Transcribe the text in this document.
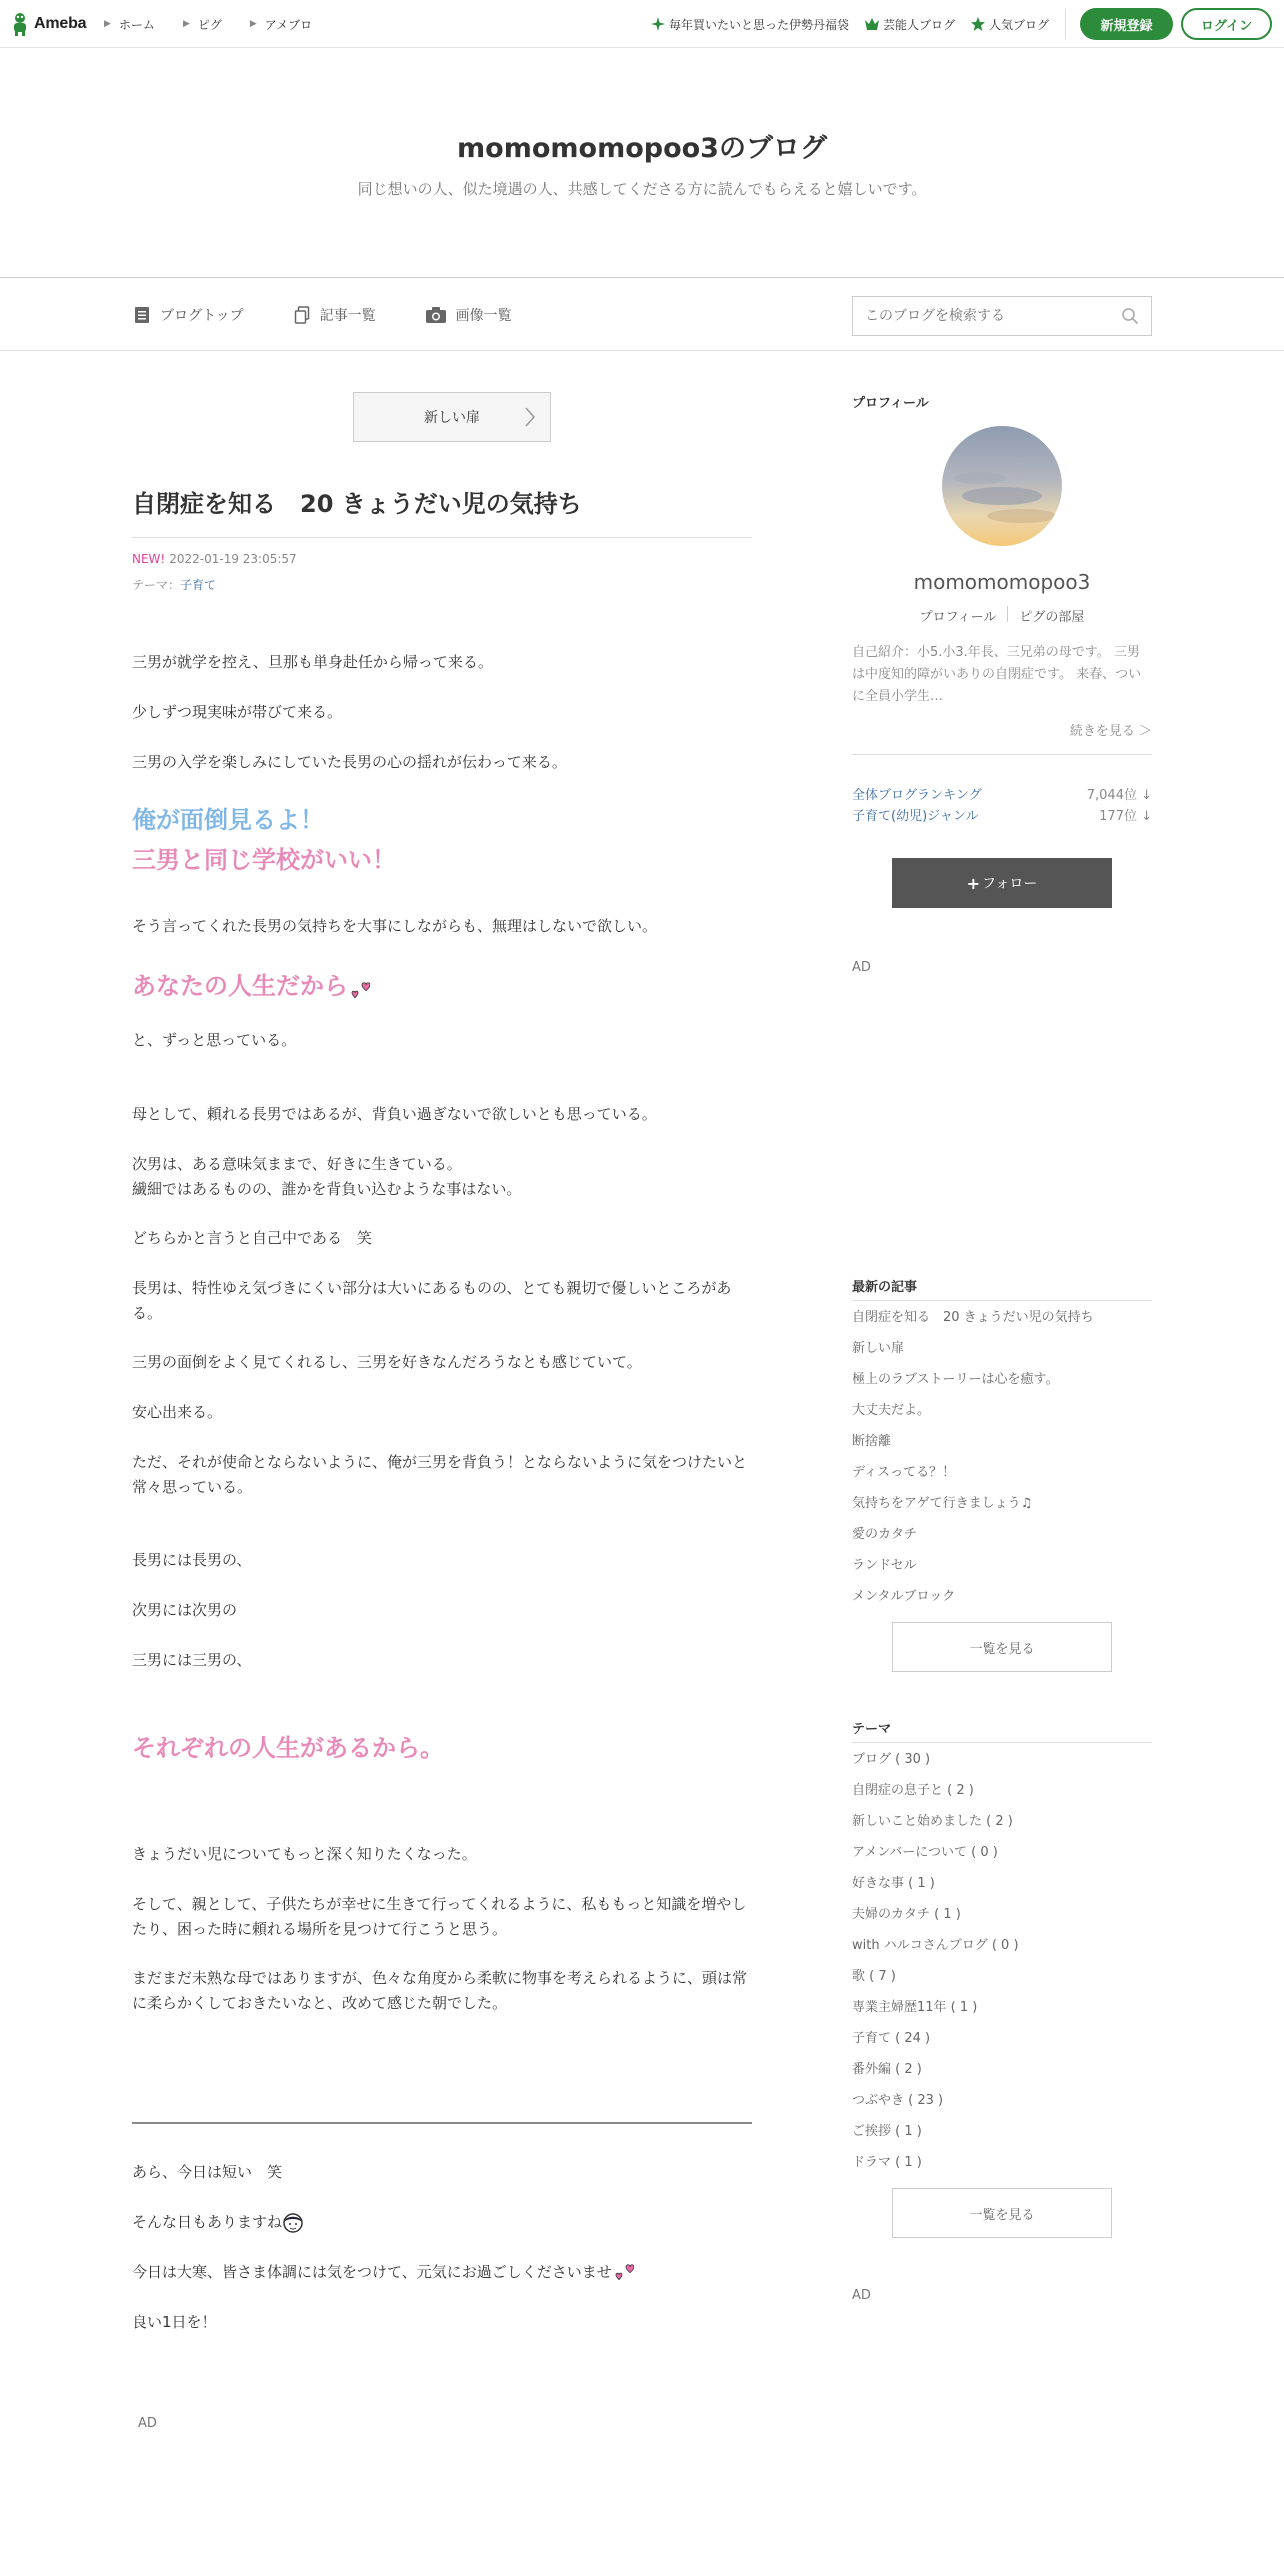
Ameba ▶ ホーム	▶ ピグ	▶ アメブロ	毎年買いたいと思った伊勢丹福袋	芸能人ブログ	人気ブログ	新規登録	ログイン
momomomopoo3のブログ
同じ想いの人、似た境遇の人、共感してくださる方に読んでもらえると嬉しいです。
ブログトップ	記事一覧	画像一覧
このブログを検索する
新しい扉
自閉症を知る　20 きょうだい児の気持ち
NEW! 2022-01-19 23:05:57
テーマ：子育て
三男が就学を控え、旦那も単身赴任から帰って来る。
少しずつ現実味が帯びて来る。
三男の入学を楽しみにしていた長男の心の揺れが伝わって来る。
俺が面倒見るよ！
三男と同じ学校がいい！
そう言ってくれた長男の気持ちを大事にしながらも、無理はしないで欲しい。
あなたの人生だから
と、ずっと思っている。
母として、頼れる長男ではあるが、背負い過ぎないで欲しいとも思っている。
次男は、ある意味気ままで、好きに生きている。
繊細ではあるものの、誰かを背負い込むような事はない。
どちらかと言うと自己中である　笑
長男は、特性ゆえ気づきにくい部分は大いにあるものの、とても親切で優しいところがある。
三男の面倒をよく見てくれるし、三男を好きなんだろうなとも感じていて。
安心出来る。
ただ、それが使命とならないように、俺が三男を背負う！とならないように気をつけたいと常々思っている。
長男には長男の、
次男には次男の
三男には三男の、
それぞれの人生があるから。
きょうだい児についてもっと深く知りたくなった。
そして、親として、子供たちが幸せに生きて行ってくれるように、私ももっと知識を増やしたり、困った時に頼れる場所を見つけて行こうと思う。
まだまだ未熟な母ではありますが、色々な角度から柔軟に物事を考えられるように、頭は常に柔らかくしておきたいなと、改めて感じた朝でした。
あら、今日は短い　笑
そんな日もありますね
今日は大寒、皆さま体調には気をつけて、元気にお過ごしくださいませ
良い1日を！
AD
プロフィール
momomomopoo3
プロフィール ピグの部屋
自己紹介：小5.小3.年長、三兄弟の母です。 三男は中度知的障がいありの自閉症です。 来春、ついに全員小学生…
続きを見る ＞
全体ブログランキング	7,044位 ↓
子育て(幼児)ジャンル	177位 ↓
+ フォロー
AD
最新の記事
自閉症を知る　20 きょうだい児の気持ち
新しい扉
極上のラブストーリーは心を癒す。
大丈夫だよ。
断捨離
ディスってる？！
気持ちをアゲて行きましょう♫
愛のカタチ
ランドセル
メンタルブロック
一覧を見る
テーマ
ブログ ( 30 )
自閉症の息子と ( 2 )
新しいこと始めました ( 2 )
アメンバーについて ( 0 )
好きな事 ( 1 )
夫婦のカタチ ( 1 )
with ハルコさんブログ ( 0 )
歌 ( 7 )
専業主婦歴11年 ( 1 )
子育て ( 24 )
番外編 ( 2 )
つぶやき ( 23 )
ご挨拶 ( 1 )
ドラマ ( 1 )
一覧を見る
AD
